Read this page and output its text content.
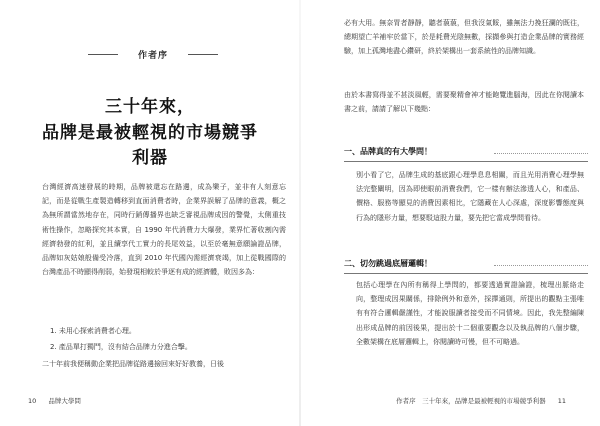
作者序
三十年來，
品牌是最被輕視的市場競爭利器
台灣經濟高速發展的時期，品牌被還忘在路邊，成為樂子，並非有人刻意忘記，而是從戰生產製造轉移到直面消費者時，企業界誤解了品牌的意義，概之為無所謂當然地存在，同時行銷傳播界也缺乏審視品牌成因的警覺，太側重技術性操作，忽略探究其本實，自 1990 年代消費力大爆發，業界忙著收割內需經濟勃發的紅利，並且續享代工實力的長尾效益，以至於毫無意願論證品牌，品牌如灰姑娘般備受冷落，直到 2010 年代國內需經濟衰竭，加上從戰國際的台灣產品不時顯得削弱，始發現相較於爭逐有成的經濟體，敗因多為：
1. 未用心探索消費者心理。
2. 產品單打獨鬥，沒有結合品牌力分進合擊。
二十年前我便稱動企業把品牌從路邊撿回來好好教養，日後
10 品牌大學問
必有大用。無奈胃者靜靜，聽者藐藐，但我沒氣餒，雖無法力挽狂瀾的既往，總期望亡羊補牢於當下，於是耗費光陰無數，採擷參與打造企業品牌的實務經驗，加上孤灣地盡心鑽研，終於架構出一套系統性的品牌知識。
由於本書寫得並不甚淡風輕，需要聚精會神才能飽覽進腦海，因此在你閱讀本書之前，請請了解以下幾點：
一、品牌真的有大學問！
別小看了它，品牌生成的基底跟心理學息息相關，而且光用消費心理學無法完整闡明，因為即使眼前消費我們，它一樣有辦法滲透人心，和產品、價格、服務等顯見的消費因素相比，它隱藏在人心深處，深度影響態度與行為的隱形力量，想要駁這股力量，要先把它當成學問看待。
二、切勿跳過底層邏輯！
包括心理學在內所有稱得上學問的，都要透過實證論證，梳理出脈絡走向，整理成因果關係，排除例外和意外，採擇通則，所提出的觀點主張唯有有符合邏輯嚴謹性，才能說服讀者接受而不同情境。因此，我先整編陳出形成品牌的前因後果，提出於十二個重要觀念以及執品牌的八個步驟，全數架構在底層邏輯上，你閱讀時可慢，但不可略過。
作者序　三十年來，品牌是最被輕視的市場競爭利器 11
